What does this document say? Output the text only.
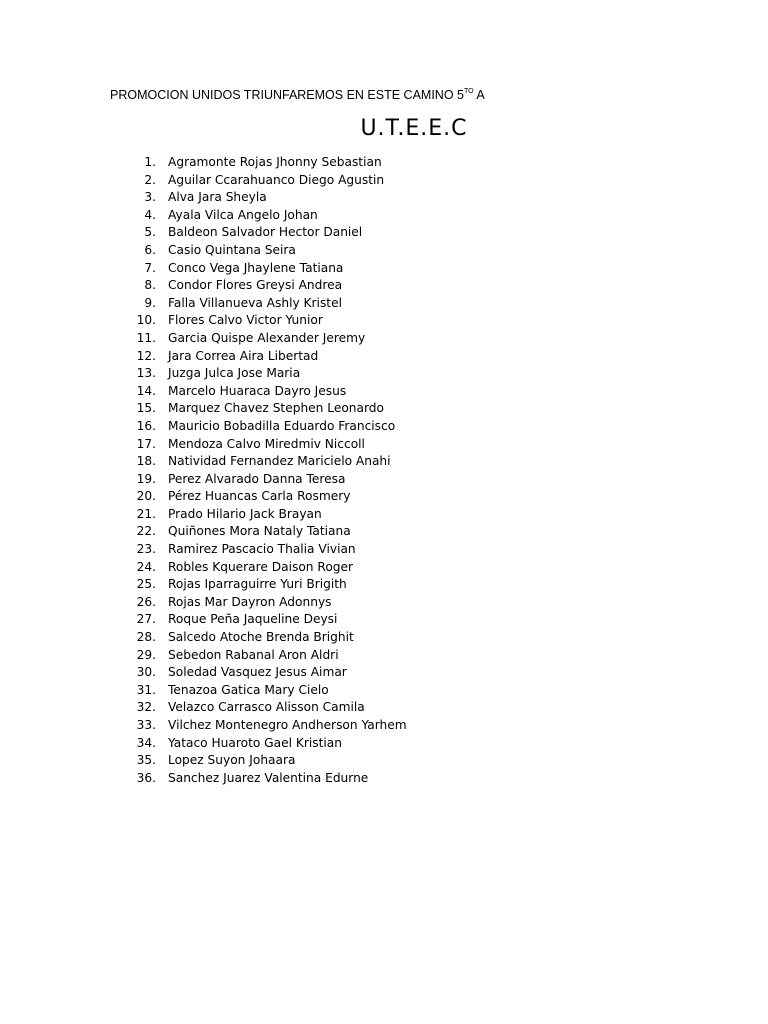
PROMOCION UNIDOS TRIUNFAREMOS EN ESTE CAMINO $5^{TO}$ A
U.T.E.E.C
1. Agramonte Rojas Jhonny Sebastian
2. Aguilar Ccarahuanco Diego Agustin
3. Alva Jara Sheyla
4. Ayala Vilca Angelo Johan
5. Baldeon Salvador Hector Daniel
6. Casio Quintana Seira
7. Conco Vega Jhaylene Tatiana
8. Condor Flores Greysi Andrea
9. Falla Villanueva Ashly Kristel
10. Flores Calvo Victor Yunior
11. Garcia Quispe Alexander Jeremy
12. Jara Correa Aira Libertad
13. Juzga Julca Jose Maria
14. Marcelo Huaraca Dayro Jesus
15. Marquez Chavez Stephen Leonardo
16. Mauricio Bobadilla Eduardo Francisco
17. Mendoza Calvo Miredmiv Niccoll
18. Natividad Fernandez Maricielo Anahi
19. Perez Alvarado Danna Teresa
20. Pérez Huancas Carla Rosmery
21. Prado Hilario Jack Brayan
22. Quiñones Mora Nataly Tatiana
23. Ramirez Pascacio Thalia Vivian
24. Robles Kquerare Daison Roger
25. Rojas Iparraguirre Yuri Brigith
26. Rojas Mar Dayron Adonnys
27. Roque Peña Jaqueline Deysi
28. Salcedo Atoche Brenda Brighit
29. Sebedon Rabanal Aron Aldri
30. Soledad Vasquez Jesus Aimar
31. Tenazoa Gatica Mary Cielo
32. Velazco Carrasco Alisson Camila
33. Vilchez Montenegro Andherson Yarhem
34. Yataco Huaroto Gael Kristian
35. Lopez Suyon Johaara
36. Sanchez Juarez Valentina Edurne
